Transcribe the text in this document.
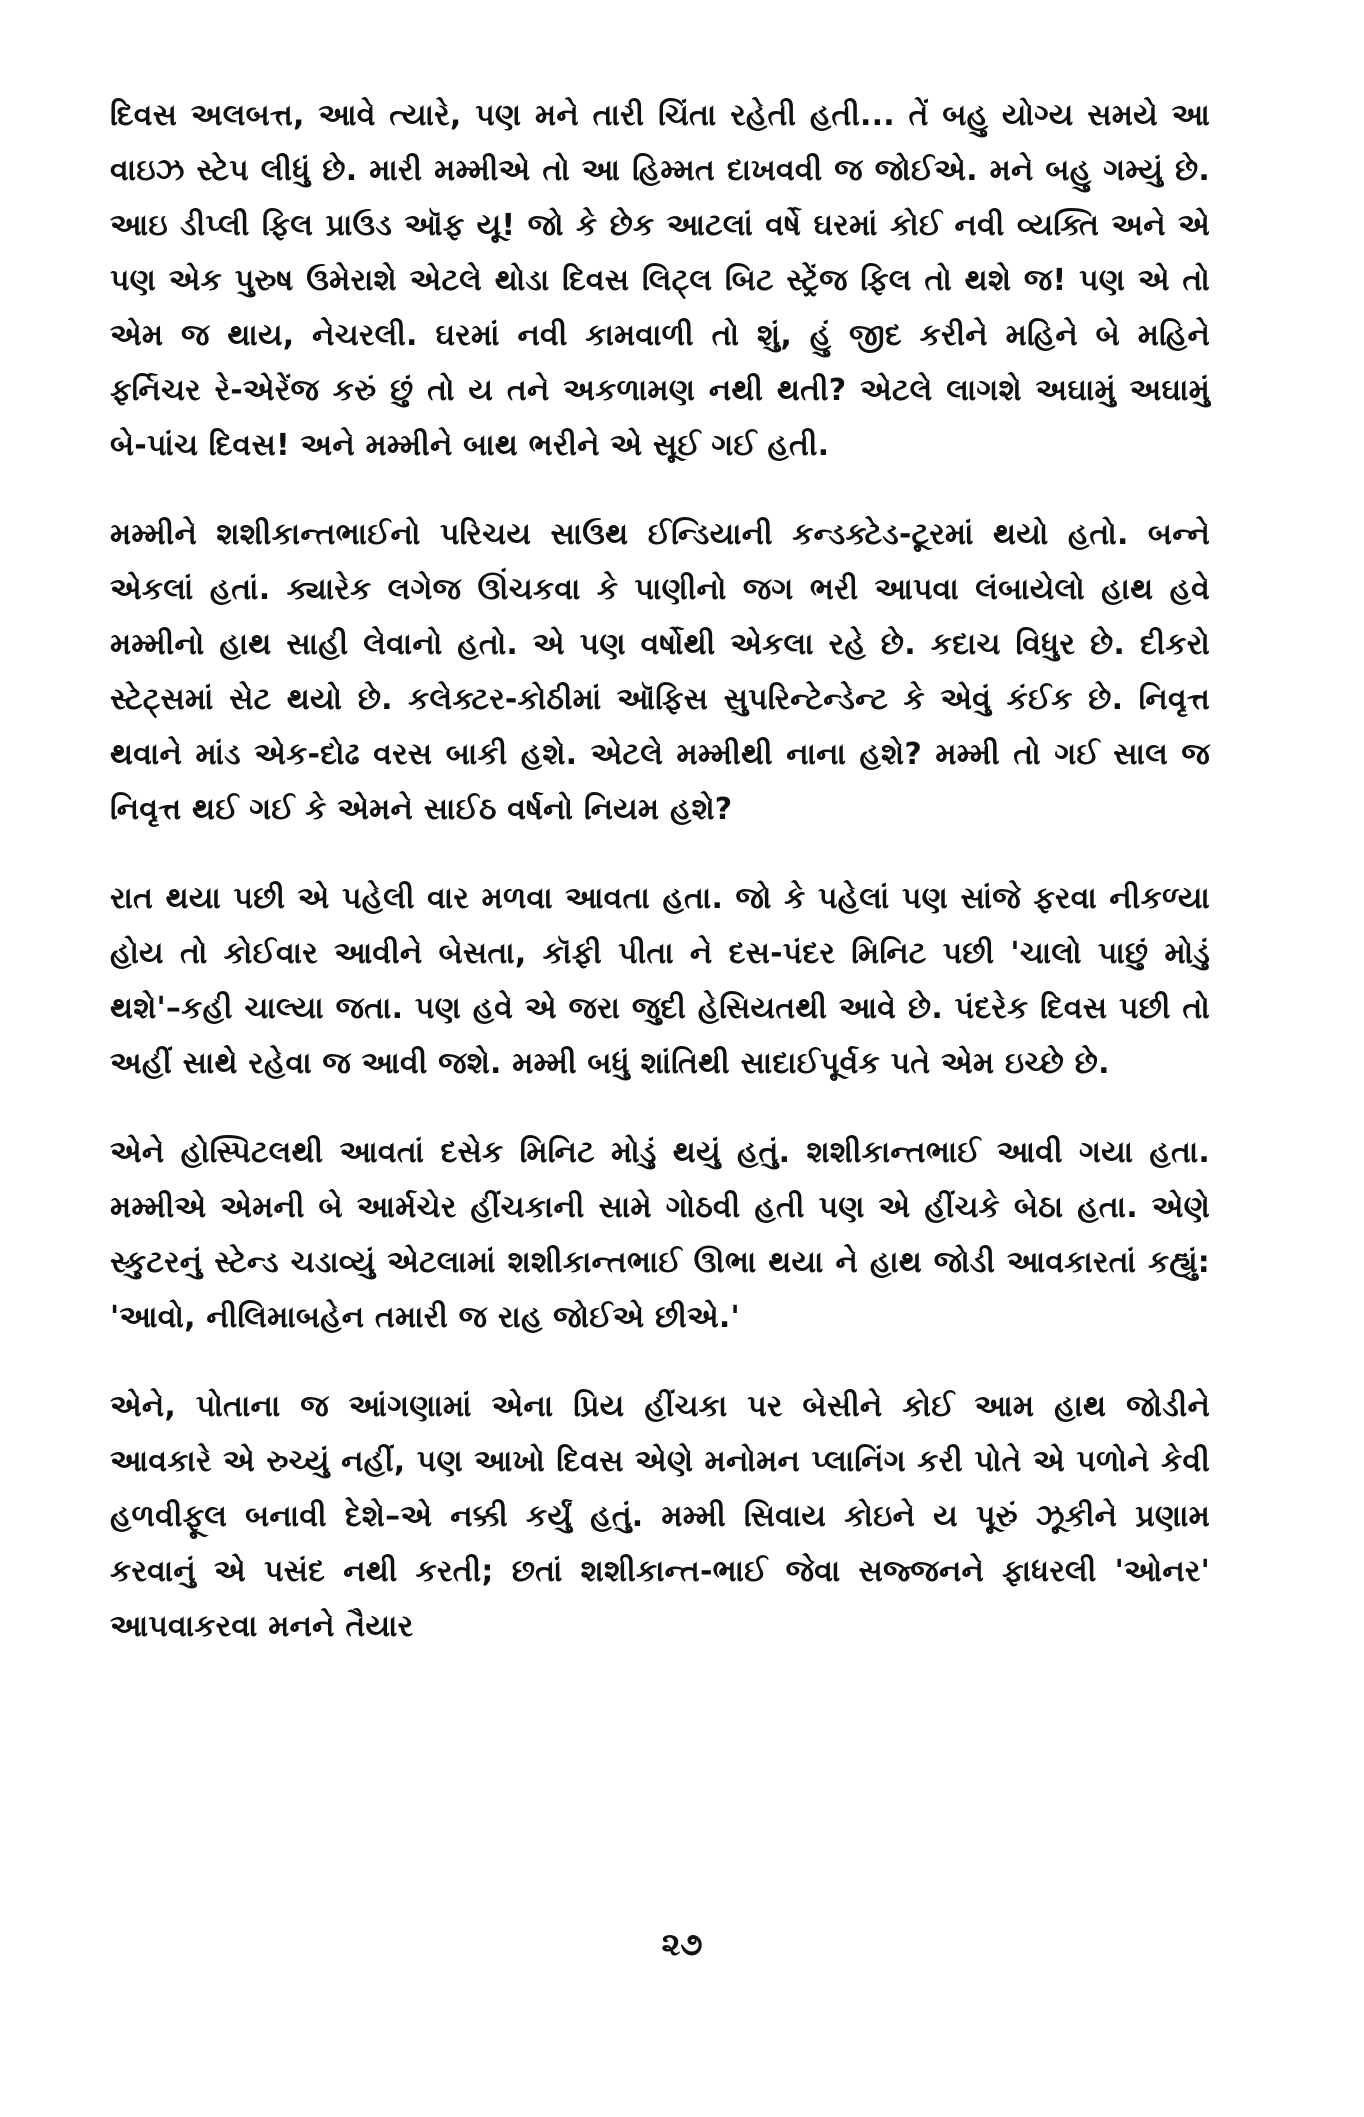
દિવસ અલબત્ત, આવે ત્યારે, પણ મને તારી ચિંતા રહેતી હતી... તેં બહુ યોગ્ય સમયે આ વાઇઝ સ્ટેપ લીધું છે. મારી મમ્મીએ તો આ હિમ્મત દાખવવી જ જોઈએ. મને બહુ ગમ્યું છે. આઇ ડીપ્લી ફિલ પ્રાઉડ ઑફ યૂ! જો કે છેક આટલાં વર્ષે ઘરમાં કોઈ નવી વ્યક્તિ અને એ પણ એક પુરુષ ઉમેરાશે એટલે થોડા દિવસ લિટ્લ બિટ સ્ટ્રેંજ ફિલ તો થશે જ! પણ એ તો એમ જ થાય, નેચરલી. ઘરમાં નવી કામવાળી તો શું, હું જીદ કરીને મહિને બે મહિને ફર્નિચર રે-એરેંજ કરું છું તો ય તને અકળામણ નથી થતી? એટલે લાગશે અઘામું અઘામું બે-પાંચ દિવસ! અને મમ્મીને બાથ ભરીને એ સૂઈ ગઈ હતી.

મમ્મીને શશીકાન્તભાઈનો પરિચય સાઉથ ઈન્ડિયાની કન્ડક્ટેડ-ટૂરમાં થયો હતો. બન્ને એકલાં હતાં. ક્યારેક લગેજ ઊંચકવા કે પાણીનો જગ ભરી આપવા લંબાયેલો હાથ હવે મમ્મીનો હાથ સાહી લેવાનો હતો. એ પણ વર્ષોથી એકલા રહે છે. કદાચ વિધુર છે. દીકરો સ્ટેટ્સમાં સેટ થયો છે. કલેક્ટર-કોઠીમાં ઑફિસ સુપરિન્ટેન્ડેન્ટ કે એવું કંઈક છે. નિવૃત્ત થવાને માંડ એક-દોઢ વરસ બાકી હશે. એટલે મમ્મીથી નાના હશે? મમ્મી તો ગઈ સાલ જ નિવૃત્ત થઈ ગઈ કે એમને સાઈઠ વર્ષનો નિયમ હશે?

રાત થયા પછી એ પહેલી વાર મળવા આવતા હતા. જો કે પહેલાં પણ સાંજે ફરવા નીકળ્યા હોય તો કોઈવાર આવીને બેસતા, કૉફી પીતા ને દસ-પંદર મિનિટ પછી 'ચાલો પાછું મોડું થશે'–કહી ચાલ્યા જતા. પણ હવે એ જરા જુદી હેસિયતથી આવે છે. પંદરેક દિવસ પછી તો અહીં સાથે રહેવા જ આવી જશે. મમ્મી બધું શાંતિથી સાદાઈપૂર્વક પતે એમ ઇચ્છે છે.

એને હોસ્પિટલથી આવતાં દસેક મિનિટ મોડું થયું હતું. શશીકાન્તભાઈ આવી ગયા હતા. મમ્મીએ એમની બે આર્મચેર હીંચકાની સામે ગોઠવી હતી પણ એ હીંચકે બેઠા હતા. એણે સ્કુટરનું સ્ટેન્ડ ચડાવ્યું એટલામાં શશીકાન્તભાઈ ઊભા થયા ને હાથ જોડી આવકારતાં કહ્યું: 'આવો, નીલિમાબહેન તમારી જ રાહ જોઈએ છીએ.'

એને, પોતાના જ આંગણામાં એના પ્રિય હીંચકા પર બેસીને કોઈ આમ હાથ જોડીને આવકારે એ રુચ્યું નહીં, પણ આખો દિવસ એણે મનોમન પ્લાનિંગ કરી પોતે એ પળોને કેવી હળવીફૂલ બનાવી દેશે–એ નક્કી કર્યું હતું. મમ્મી સિવાય કોઇને ય પૂરું ઝૂકીને પ્રણામ કરવાનું એ પસંદ નથી કરતી; છતાં શશીકાન્ત-ભાઈ જેવા સજ્જનને ફાધરલી 'ઓનર' આપવાકરવા મનને તૈયાર

૨૭
